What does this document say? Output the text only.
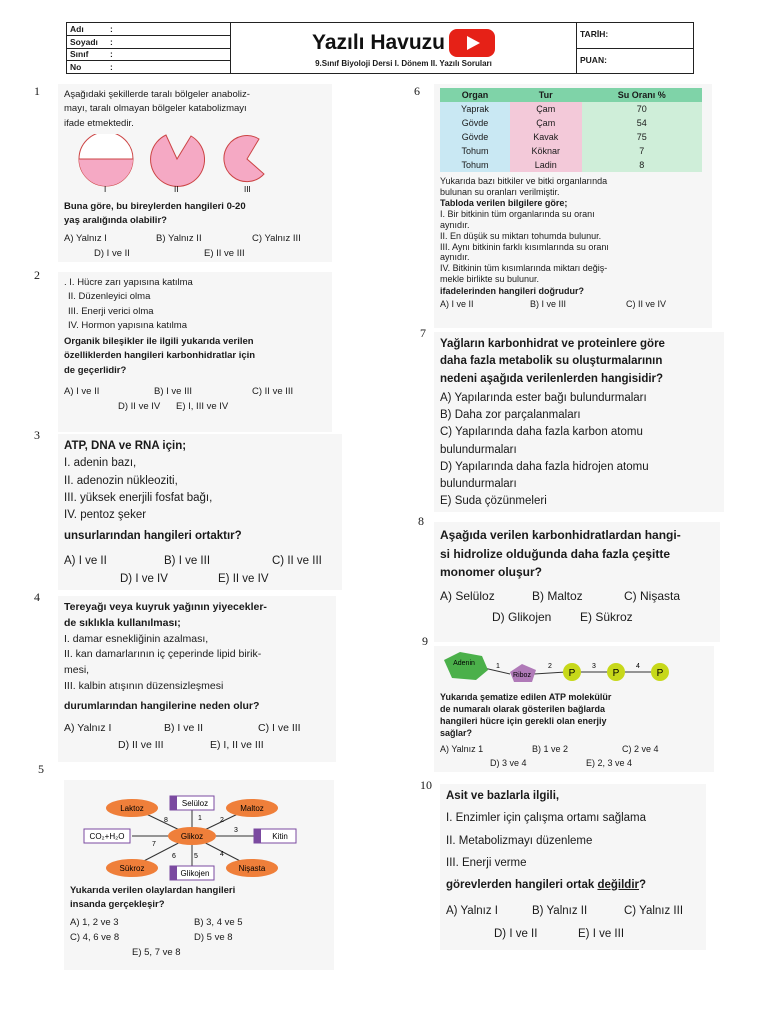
Adı	:
Soyadı	:
Sınıf	:
No	:
Yazılı Havuzu
9.Sınıf Biyoloji Dersi I. Dönem II. Yazılı Soruları
TARİH:
PUAN:
1	Aşağıdaki şekillerde taralı bölgeler anaboliz-
mayı, taralı olmayan bölgeler katabolizmayı
ifade etmektedir.
I	II	III
Buna göre, bu bireylerden hangileri 0-20
yaş aralığında olabilir?
A) Yalnız I	B) Yalnız II	C) Yalnız III
D) I ve II	E) II ve III
2
. I. Hücre zarı yapısına katılma
II. Düzenleyici olma
III. Enerji verici olma
IV. Hormon yapısına katılma
Organik bileşikler ile ilgili yukarıda verilen
özelliklerden hangileri karbonhidratlar için
de geçerlidir?
A) I ve II	B) I ve III	C) II ve III
D) II ve IV	E) I, III ve IV
3
ATP, DNA ve RNA için;
I. adenin bazı,
II. adenozin nükleoziti,
III. yüksek enerjili fosfat bağı,
IV. pentoz şeker
unsurlarından hangileri ortaktır?
A) I ve II	B) I ve III	C) II ve III
D) I ve IV	E) II ve IV
4
Tereyağı veya kuyruk yağının yiyecekler-
de sıklıkla kullanılması;
I. damar esnekliğinin azalması,
II. kan damarlarının iç çeperinde lipid birik-
mesi,
III. kalbin atışının düzensizleşmesi
durumlarından hangilerine neden olur?
A) Yalnız I	B) I ve II	C) I ve III
D) II ve III	E) I, II ve III
5
Laktoz
Selüloz
Maltoz
CO₂+H₂O	Glikoz	Kitin
Sükroz
Glikojen
Nişasta
1	2
3
4
5
6
7
8
Yukarıda verilen olaylardan hangileri
insanda gerçekleşir?
A) 1, 2 ve 3	B) 3, 4 ve 5
C) 4, 6 ve 8	D) 5 ve 8
E) 5, 7 ve 8
6	Organ	Tur	Su Oranı %
Yaprak	Çam	70
Gövde	Çam	54
Gövde	Kavak	75
Tohum	Köknar	7
Tohum	Ladin	8
Yukarıda bazı bitkiler ve bitki organlarında
bulunan su oranları verilmiştir.
Tabloda verilen bilgilere göre;
I. Bir bitkinin tüm organlarında su oranı
aynıdır.
II. En düşük su miktarı tohumda bulunur.
III. Aynı bitkinin farklı kısımlarında su oranı
aynıdır.
IV. Bitkinin tüm kısımlarında miktarı değiş-
mekle birlikte su bulunur.
ifadelerinden hangileri doğrudur?
A) I ve II	B) I ve III	C) II ve IV
7
Yağların karbonhidrat ve proteinlere göre
daha fazla metabolik su oluşturmalarının
nedeni aşağıda verilenlerden hangisidir?
A) Yapılarında ester bağı bulundurmaları
B) Daha zor parçalanmaları
C) Yapılarında daha fazla karbon atomu
bulundurmaları
D) Yapılarında daha fazla hidrojen atomu
bulundurmaları
E) Suda çözünmeleri
8
Aşağıda verilen karbonhidratlardan hangi-
si hidrolize olduğunda daha fazla çeşitte
monomer oluşur?
A) Selüloz	B) Maltoz	C) Nişasta
D) Glikojen	E) Sükroz
9
Adenin
Riboz	P	P	P
1	2	3	4
Yukarıda şematize edilen ATP molekülür
de numaralı olarak gösterilen bağlarda
hangileri hücre için gerekli olan enerjiy
sağlar?
A) Yalnız 1	B) 1 ve 2	C) 2 ve 4
D) 3 ve 4	E) 2, 3 ve 4
10
Asit ve bazlarla ilgili,
I. Enzimler için çalışma ortamı sağlama
II. Metabolizmayı düzenleme
III. Enerji verme
görevlerden hangileri ortak değildir?
A) Yalnız I	B) Yalnız II	C) Yalnız III
D) I ve II	E) I ve III
